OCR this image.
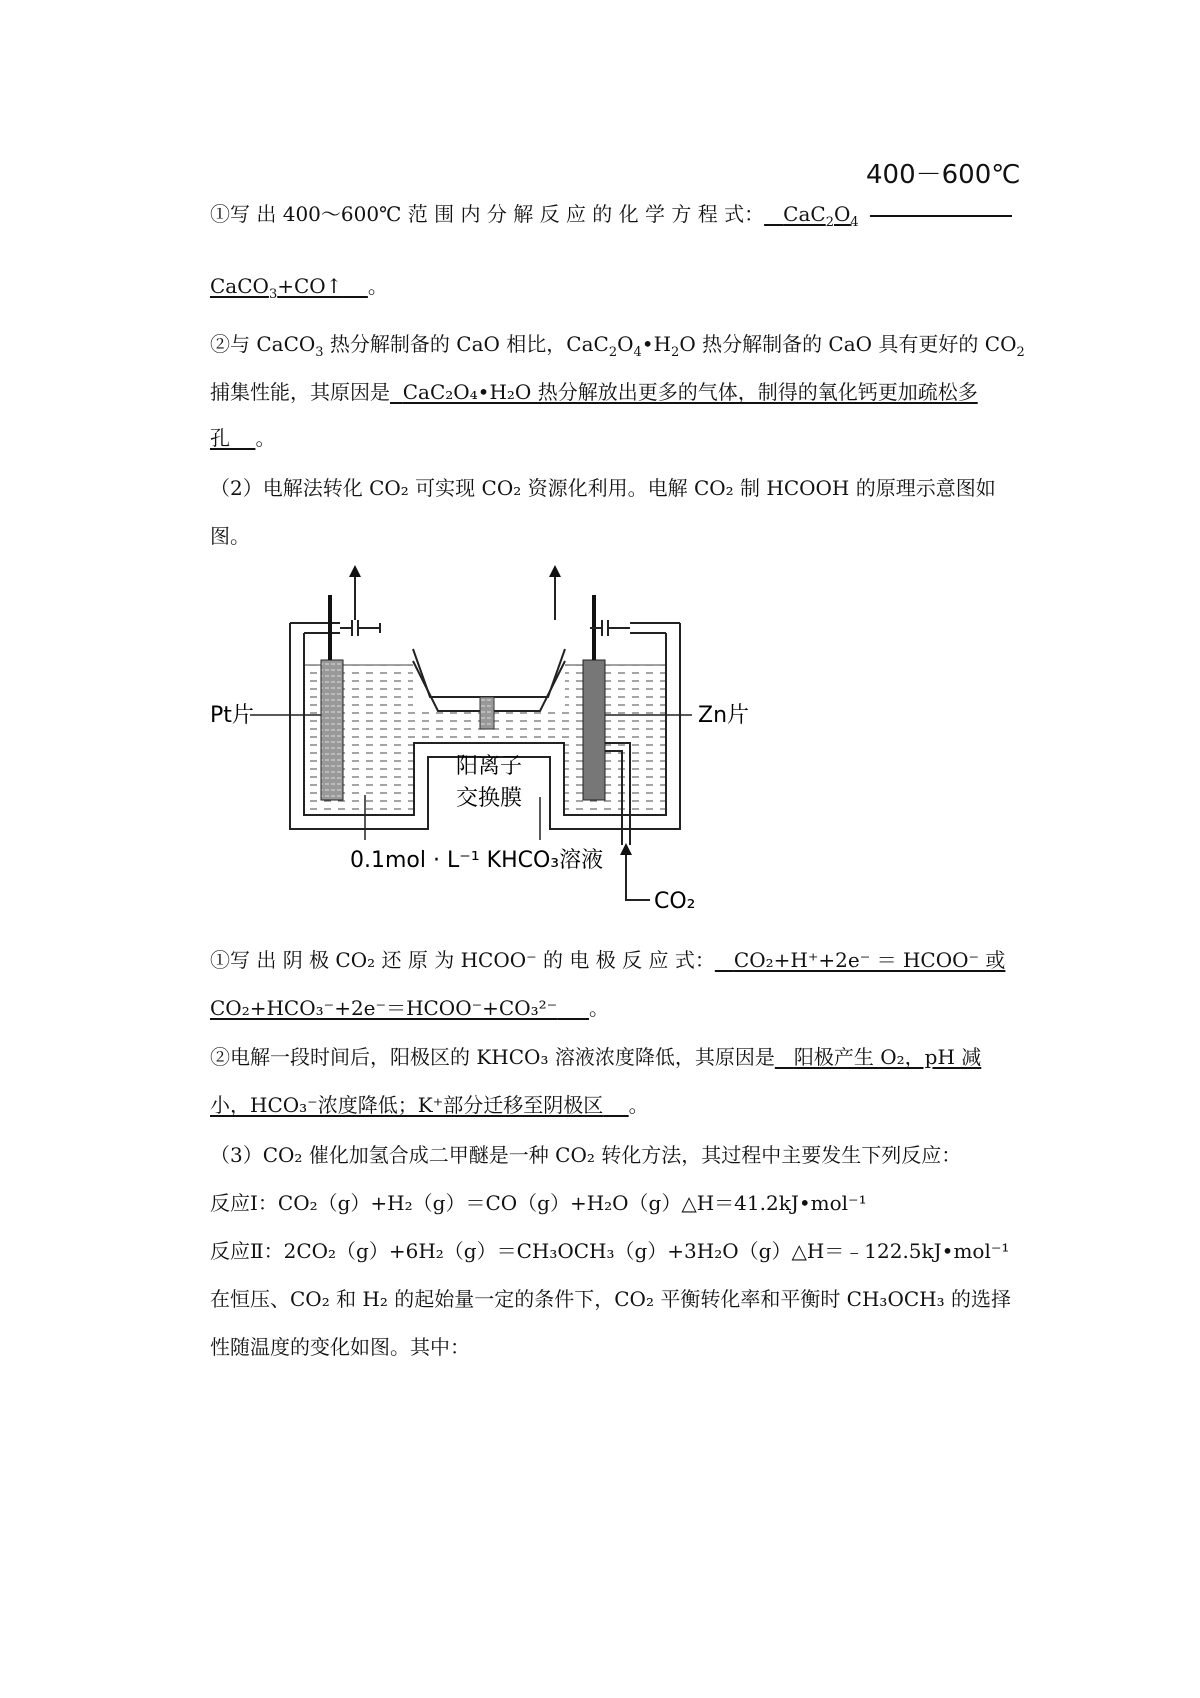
400－600℃
①写 出 400～600℃ 范 围 内 分 解 反 应 的 化 学 方 程 式： $CaC_2O_4$
CaCO$_3$+CO↑ 。
②与 CaCO$_3$ 热分解制备的 CaO 相比，$CaC_2O_4•H_2O$ 热分解制备的 CaO 具有更好的 $CO_2$
捕集性能，其原因是 CaC₂O₄•H₂O 热分解放出更多的气体，制得的氧化钙更加疏松多
孔 。
（2）电解法转化 CO₂ 可实现 CO₂ 资源化利用。电解 CO₂ 制 HCOOH 的原理示意图如
图。
Pt片	Zn片
阳离子
交换膜
0.1mol · L⁻¹ KHCO₃溶液
CO₂
①写 出 阴 极 CO₂ 还 原 为 HCOO⁻ 的 电 极 反 应 式： CO₂+H⁺+2e⁻ ＝ HCOO⁻ 或
CO₂+HCO₃⁻+2e⁻＝HCOO⁻+CO₃²⁻ 。
②电解一段时间后，阳极区的 KHCO₃ 溶液浓度降低，其原因是 阳极产生 O₂，pH 减
小，HCO₃⁻浓度降低；K⁺部分迁移至阴极区 。
（3）CO₂ 催化加氢合成二甲醚是一种 CO₂ 转化方法，其过程中主要发生下列反应：
反应Ⅰ：CO₂（g）+H₂（g）＝CO（g）+H₂O（g）△H＝41.2kJ•mol⁻¹
反应Ⅱ：2CO₂（g）+6H₂（g）＝CH₃OCH₃（g）+3H₂O（g）△H＝﹣122.5kJ•mol⁻¹
在恒压、CO₂ 和 H₂ 的起始量一定的条件下，CO₂ 平衡转化率和平衡时 CH₃OCH₃ 的选择
性随温度的变化如图。其中：
